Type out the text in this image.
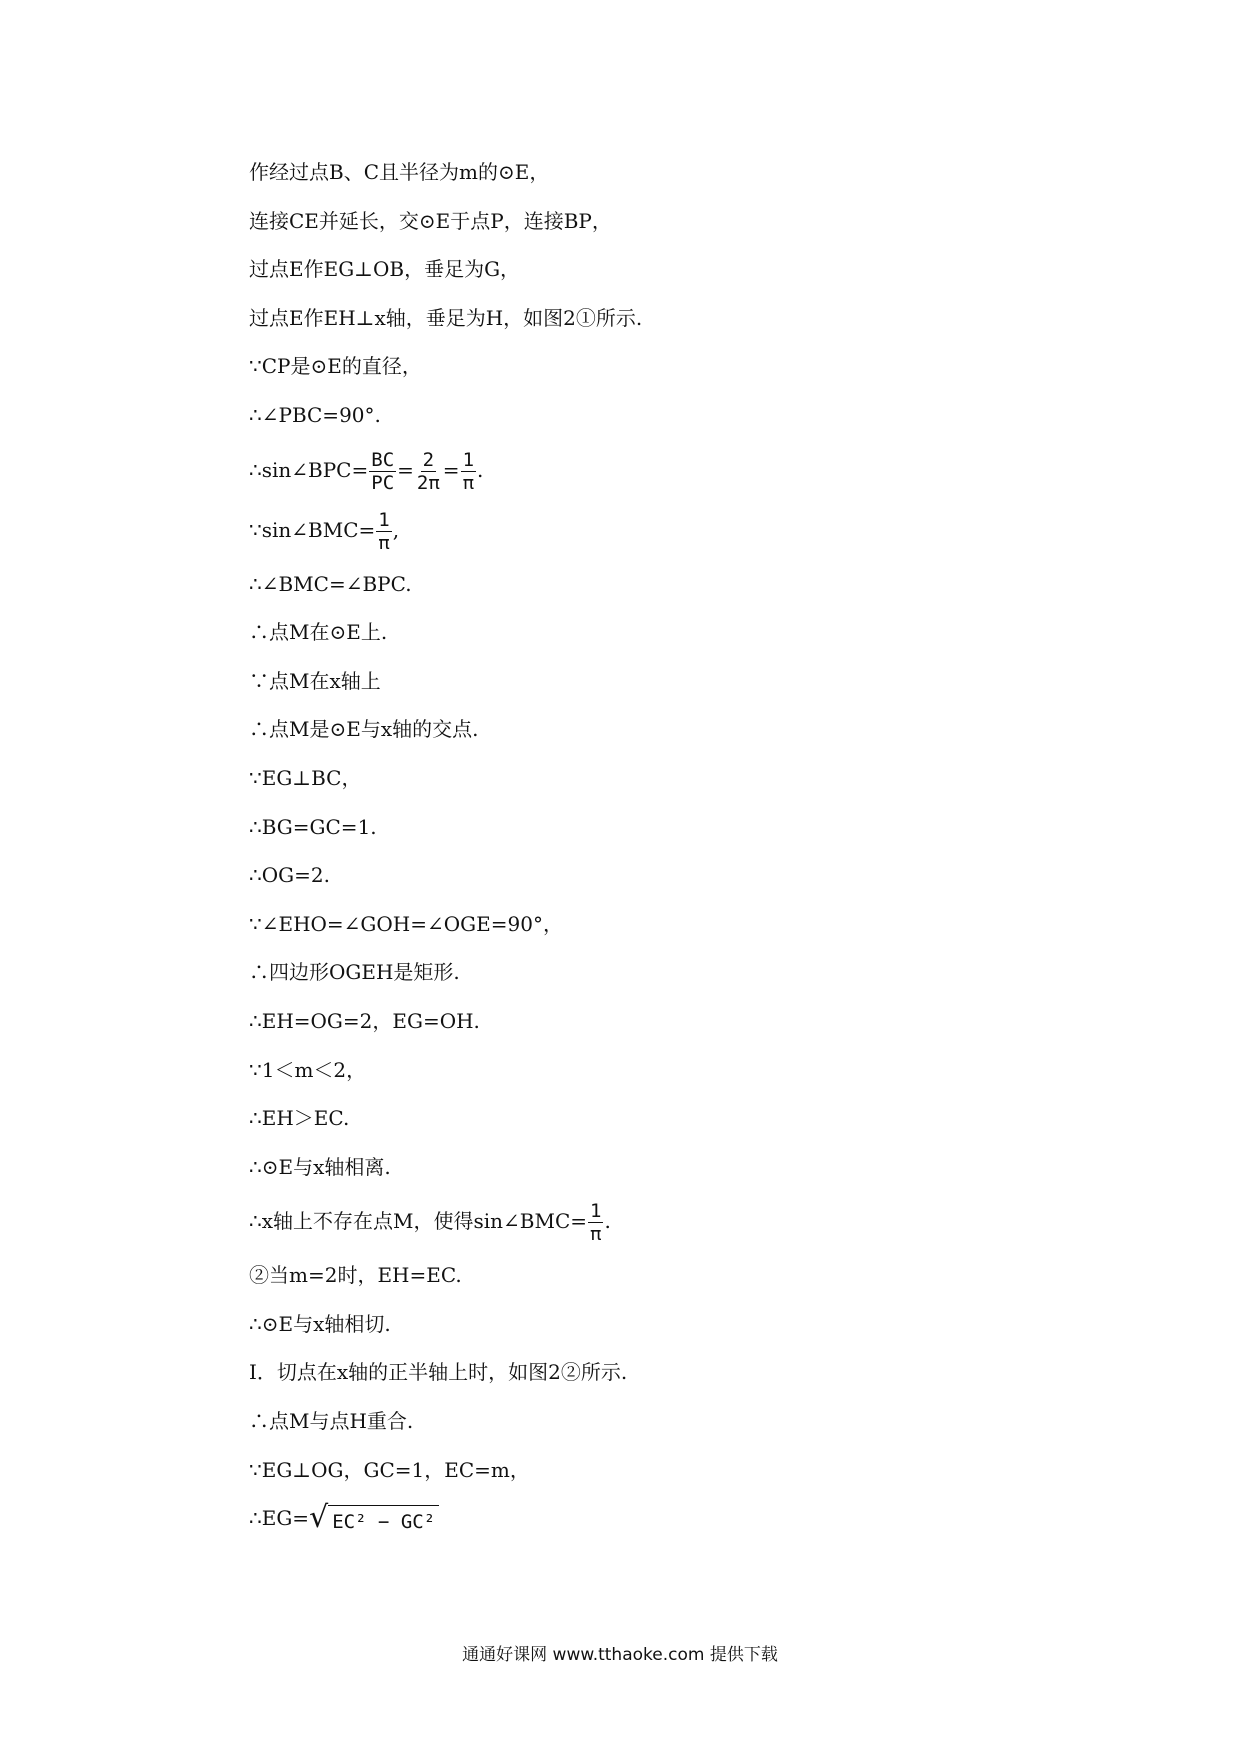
作经过点B、C且半径为m的⊙E，
连接CE并延长，交⊙E于点P，连接BP，
过点E作EG⊥OB，垂足为G，
过点E作EH⊥x轴，垂足为H，如图2①所示.
∵CP是⊙E的直径，
∴∠PBC=90°.
∴sin∠BPC= $\frac{BC}{PC} = \frac{2}{2\pi} = \frac{1}{\pi}$ .
∵sin∠BMC= $\frac{1}{\pi}$ ,
∴∠BMC=∠BPC.
∴点M在⊙E上.
∵点M在x轴上
∴点M是⊙E与x轴的交点.
∵EG⊥BC，
∴BG=GC=1.
∴OG=2.
∵∠EHO=∠GOH=∠OGE=90°，
∴四边形OGEH是矩形.
∴EH=OG=2，EG=OH.
∵1＜m＜2，
∴EH＞EC.
∴⊙E与x轴相离.
∴x轴上不存在点M，使得sin∠BMC= $\frac{1}{\pi}$ .
②当m=2时，EH=EC.
∴⊙E与x轴相切.
Ⅰ．切点在x轴的正半轴上时，如图2②所示.
∴点M与点H重合.
∵EG⊥OG，GC=1，EC=m，
∴EG= √ EC² − GC²
通通好课网 www.tthaoke.com 提供下载
